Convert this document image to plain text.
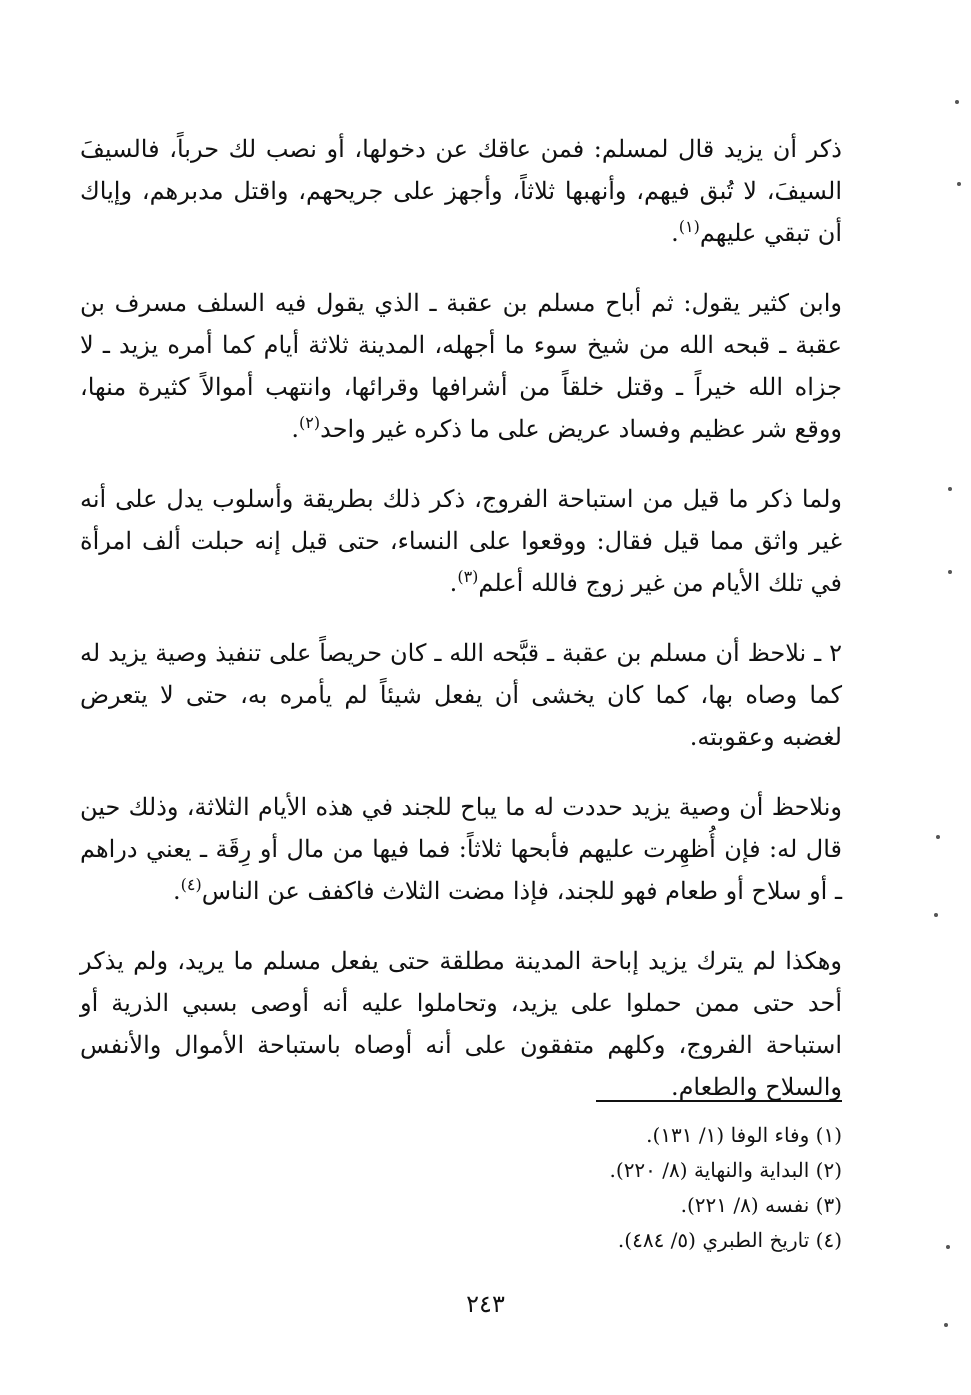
ذكر أن يزيد قال لمسلم: فمن عاقك عن دخولها، أو نصب لك حرباً، فالسيفَ السيفَ، لا تُبق فيهم، وأنهبها ثلاثاً، وأجهز على جريحهم، واقتل مدبرهم، وإياك أن تبقي عليهم$^{(١)}$.

وابن كثير يقول: ثم أباح مسلم بن عقبة ـ الذي يقول فيه السلف مسرف بن عقبة ـ قبحه الله من شيخ سوء ما أجهله، المدينة ثلاثة أيام كما أمره يزيد ـ لا جزاه الله خيراً ـ وقتل خلقاً من أشرافها وقرائها، وانتهب أموالاً كثيرة منها، ووقع شر عظيم وفساد عريض على ما ذكره غير واحد$^{(٢)}$.

ولما ذكر ما قيل من استباحة الفروج، ذكر ذلك بطريقة وأسلوب يدل على أنه غير واثق مما قيل فقال: ووقعوا على النساء، حتى قيل إنه حبلت ألف امرأة في تلك الأيام من غير زوج فالله أعلم$^{(٣)}$.

٢ ـ نلاحظ أن مسلم بن عقبة ـ قبَّحه الله ـ كان حريصاً على تنفيذ وصية يزيد له كما وصاه بها، كما كان يخشى أن يفعل شيئاً لم يأمره به، حتى لا يتعرض لغضبه وعقوبته.

ونلاحظ أن وصية يزيد حددت له ما يباح للجند في هذه الأيام الثلاثة، وذلك حين قال له: فإن أُظهِرت عليهم فأبحها ثلاثاً: فما فيها من مال أو رِقَة ـ يعني دراهم ـ أو سلاح أو طعام فهو للجند، فإذا مضت الثلاث فاكفف عن الناس$^{(٤)}$.

وهكذا لم يترك يزيد إباحة المدينة مطلقة حتى يفعل مسلم ما يريد، ولم يذكر أحد حتى ممن حملوا على يزيد، وتحاملوا عليه أنه أوصى بسبي الذرية أو استباحة الفروج، وكلهم متفقون على أنه أوصاه باستباحة الأموال والأنفس والسلاح والطعام.

(١) وفاء الوفا (١/ ١٣١).

(٢) البداية والنهاية (٨/ ٢٢٠).

(٣) نفسه (٨/ ٢٢١).

(٤) تاريخ الطبري (٥/ ٤٨٤).

٢٤٣
